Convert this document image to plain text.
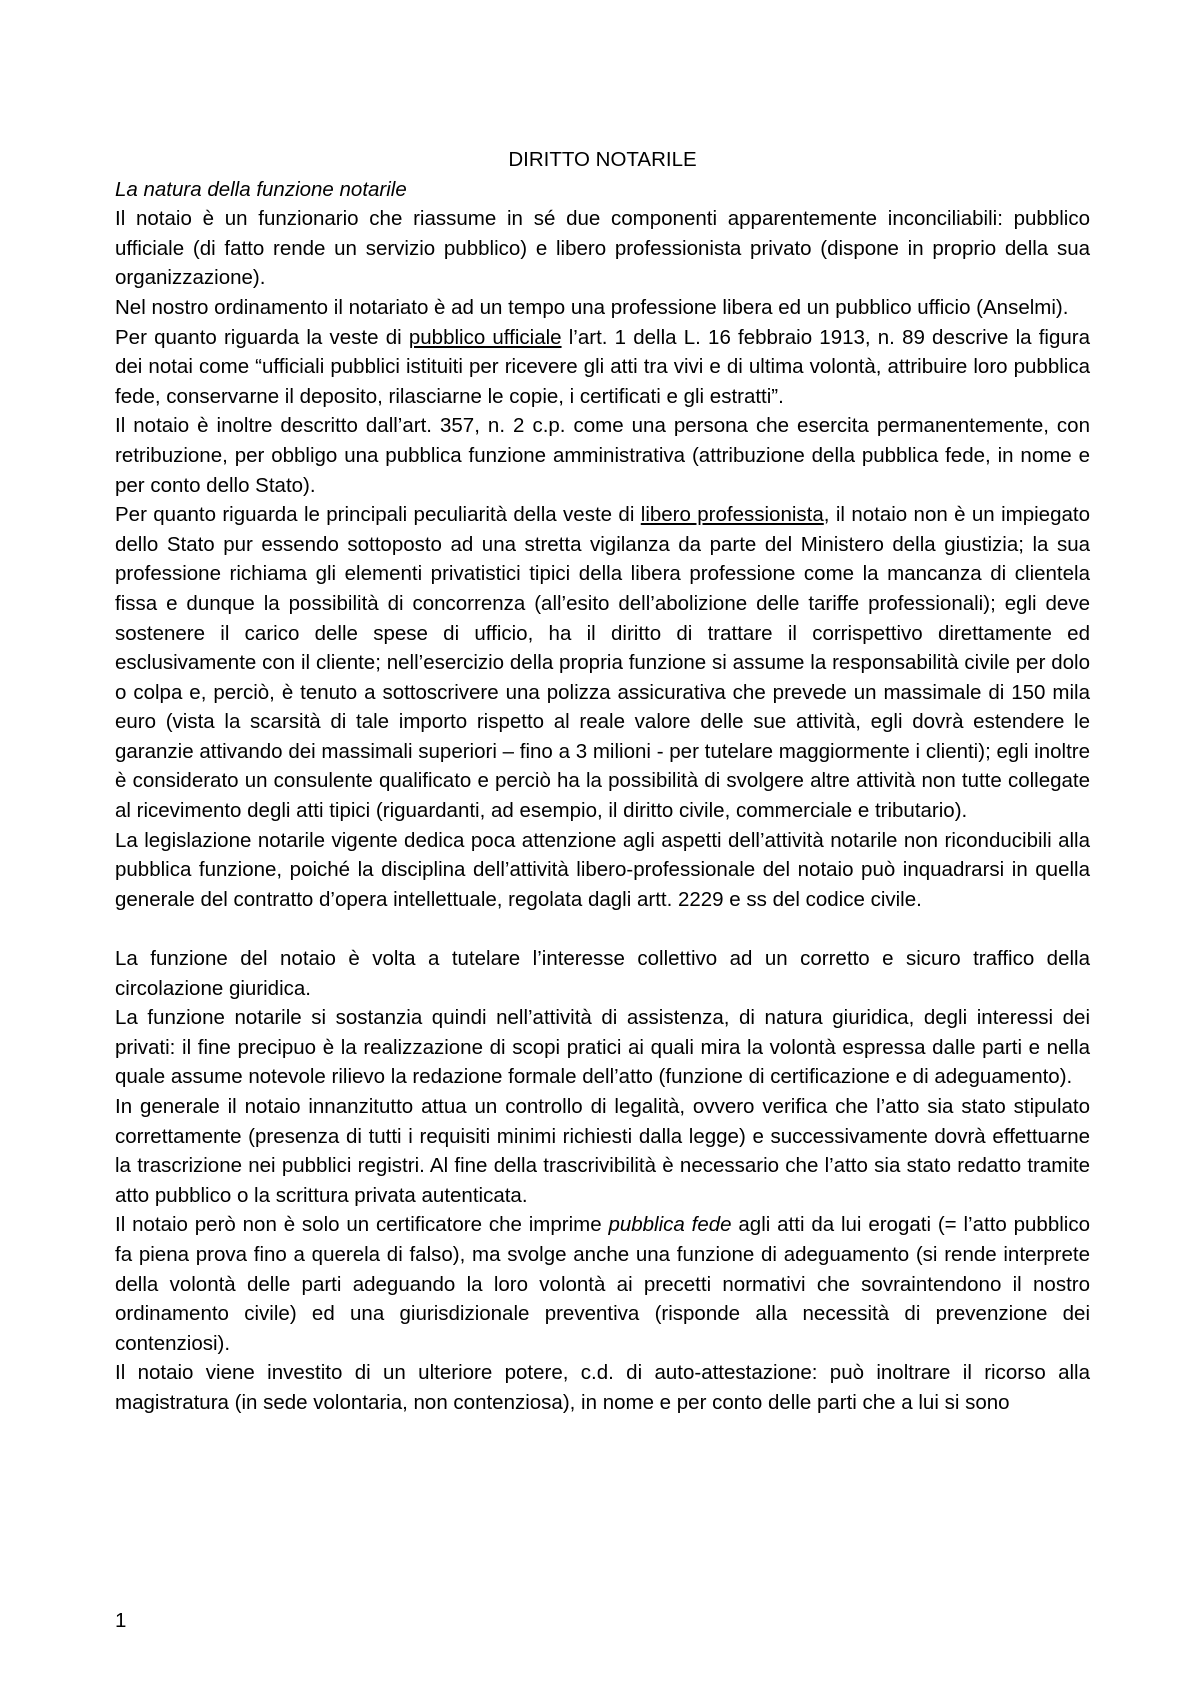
DIRITTO NOTARILE

La natura della funzione notarile

Il notaio è un funzionario che riassume in sé due componenti apparentemente inconciliabili: pubblico ufficiale (di fatto rende un servizio pubblico) e libero professionista privato (dispone in proprio della sua organizzazione).

Nel nostro ordinamento il notariato è ad un tempo una professione libera ed un pubblico ufficio (Anselmi).

Per quanto riguarda la veste di pubblico ufficiale l’art. 1 della L. 16 febbraio 1913, n. 89 descrive la figura dei notai come “ufficiali pubblici istituiti per ricevere gli atti tra vivi e di ultima volontà, attribuire loro pubblica fede, conservarne il deposito, rilasciarne le copie, i certificati e gli estratti”.

Il notaio è inoltre descritto dall’art. 357, n. 2 c.p. come una persona che esercita permanentemente, con retribuzione, per obbligo una pubblica funzione amministrativa (attribuzione della pubblica fede, in nome e per conto dello Stato).

Per quanto riguarda le principali peculiarità della veste di libero professionista, il notaio non è un impiegato dello Stato pur essendo sottoposto ad una stretta vigilanza da parte del Ministero della giustizia; la sua professione richiama gli elementi privatistici tipici della libera professione come la mancanza di clientela fissa e dunque la possibilità di concorrenza (all’esito dell’abolizione delle tariffe professionali); egli deve sostenere il carico delle spese di ufficio, ha il diritto di trattare il corrispettivo direttamente ed esclusivamente con il cliente; nell’esercizio della propria funzione si assume la responsabilità civile per dolo o colpa e, perciò, è tenuto a sottoscrivere una polizza assicurativa che prevede un massimale di 150 mila euro (vista la scarsità di tale importo rispetto al reale valore delle sue attività, egli dovrà estendere le garanzie attivando dei massimali superiori – fino a 3 milioni - per tutelare maggiormente i clienti); egli inoltre è considerato un consulente qualificato e perciò ha la possibilità di svolgere altre attività non tutte collegate al ricevimento degli atti tipici (riguardanti, ad esempio, il diritto civile, commerciale e tributario).

La legislazione notarile vigente dedica poca attenzione agli aspetti dell’attività notarile non riconducibili alla pubblica funzione, poiché la disciplina dell’attività libero-professionale del notaio può inquadrarsi in quella generale del contratto d’opera intellettuale, regolata dagli artt. 2229 e ss del codice civile.

La funzione del notaio è volta a tutelare l’interesse collettivo ad un corretto e sicuro traffico della circolazione giuridica.

La funzione notarile si sostanzia quindi nell’attività di assistenza, di natura giuridica, degli interessi dei privati: il fine precipuo è la realizzazione di scopi pratici ai quali mira la volontà espressa dalle parti e nella quale assume notevole rilievo la redazione formale dell’atto (funzione di certificazione e di adeguamento).

In generale il notaio innanzitutto attua un controllo di legalità, ovvero verifica che l’atto sia stato stipulato correttamente (presenza di tutti i requisiti minimi richiesti dalla legge) e successivamente dovrà effettuarne la trascrizione nei pubblici registri. Al fine della trascrivibilità è necessario che l’atto sia stato redatto tramite atto pubblico o la scrittura privata autenticata.

Il notaio però non è solo un certificatore che imprime pubblica fede agli atti da lui erogati (= l’atto pubblico fa piena prova fino a querela di falso), ma svolge anche una funzione di adeguamento (si rende interprete della volontà delle parti adeguando la loro volontà ai precetti normativi che sovraintendono il nostro ordinamento civile) ed una giurisdizionale preventiva (risponde alla necessità di prevenzione dei contenziosi).

Il notaio viene investito di un ulteriore potere, c.d. di auto-attestazione: può inoltrare il ricorso alla magistratura (in sede volontaria, non contenziosa), in nome e per conto delle parti che a lui si sono

1
